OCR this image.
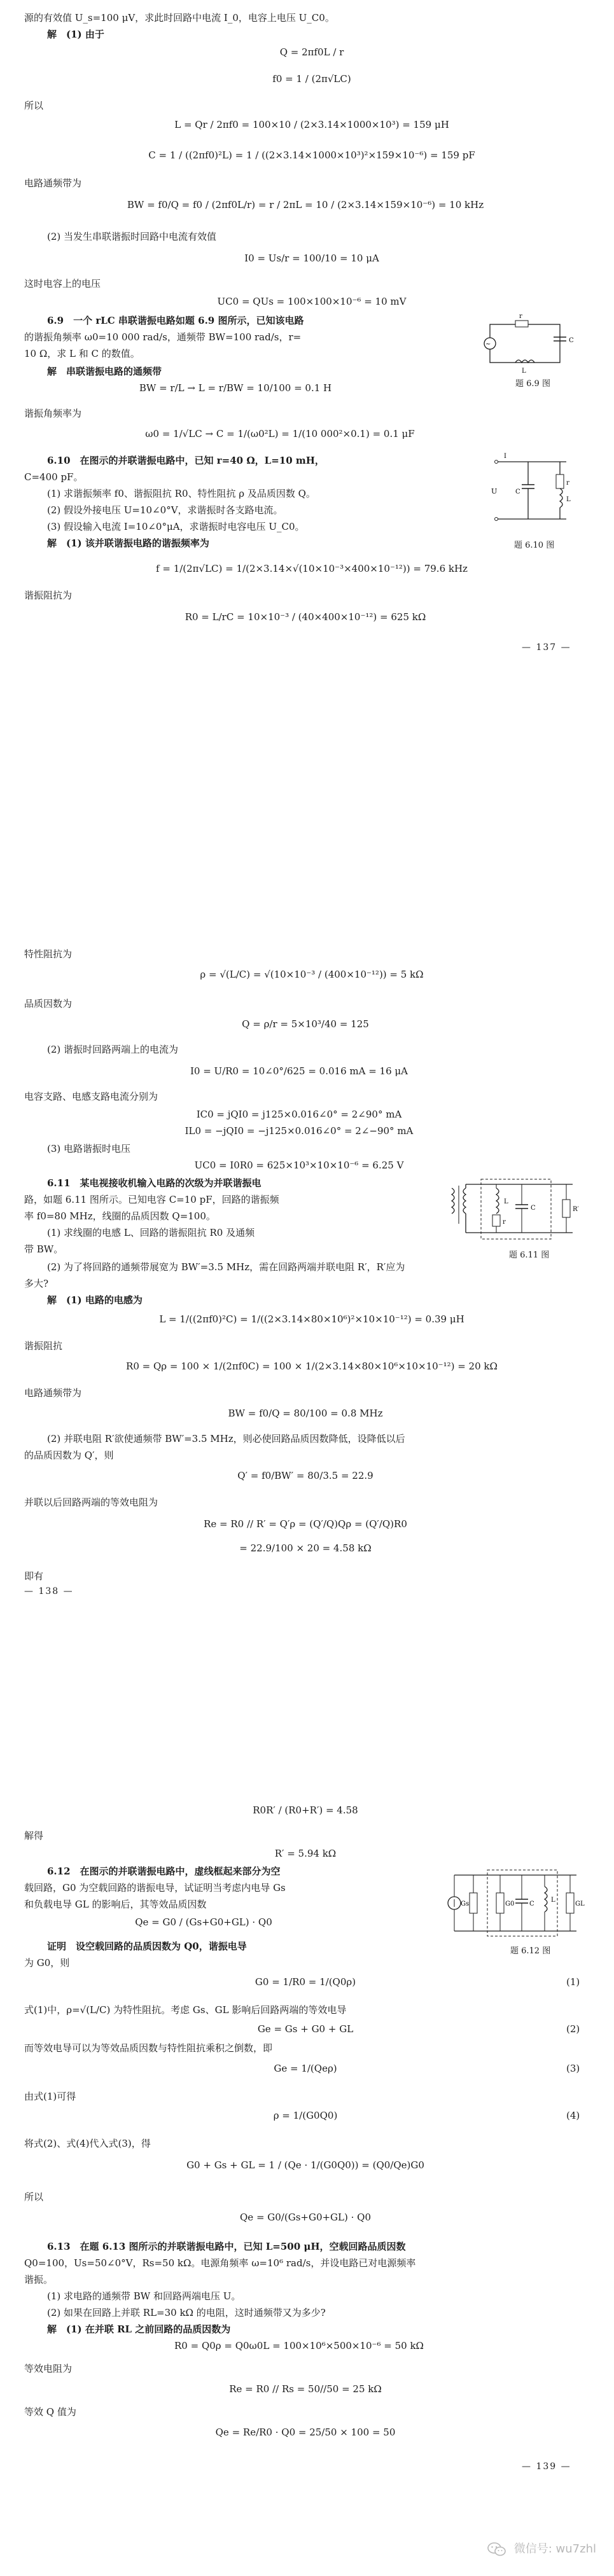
源的有效值 U_s=100 μV，求此时回路中电流 I_0，电容上电压 U_C0。
解　(1) 由于
Q = 2πf0L / r
f0 = 1 / (2π√LC)
所以
L = Qr / 2πf0 = 100×10 / (2×3.14×1000×10³) = 159 μH
C = 1 / ((2πf0)²L) = 1 / ((2×3.14×1000×10³)²×159×10⁻⁶) = 159 pF
电路通频带为
BW = f0/Q = f0 / (2πf0L/r) = r / 2πL = 10 / (2×3.14×159×10⁻⁶) = 10 kHz
(2) 当发生串联谐振时回路中电流有效值
I0 = Us/r = 100/10 = 10 μA
这时电容上的电压
UC0 = QUs = 100×100×10⁻⁶ = 10 mV
6.9　一个 rLC 串联谐振电路如题 6.9 图所示，已知该电路
的谐振角频率 ω0=10 000 rad/s，通频带 BW=100 rad/s，r=
10 Ω，求 L 和 C 的数值。
~
r
C
L
题 6.9 图
解　串联谐振电路的通频带
BW = r/L → L = r/BW = 10/100 = 0.1 H
谐振角频率为
ω0 = 1/√LC → C = 1/(ω0²L) = 1/(10 000²×0.1) = 0.1 μF
6.10　在图示的并联谐振电路中，已知 r=40 Ω，L=10 mH，
C=400 pF。
(1) 求谐振频率 f0、谐振阻抗 R0、特性阻抗 ρ 及品质因数 Q。
(2) 假设外接电压 U=10∠0°V，求谐振时各支路电流。
(3) 假设输入电流 I=10∠0°μA，求谐振时电容电压 U_C0。
解　(1) 该并联谐振电路的谐振频率为
U	C
r
L
I
题 6.10 图
f = 1/(2π√LC) = 1/(2×3.14×√(10×10⁻³×400×10⁻¹²)) = 79.6 kHz
谐振阻抗为
R0 = L/rC = 10×10⁻³ / (40×400×10⁻¹²) = 625 kΩ
— 137 —
特性阻抗为
ρ = √(L/C) = √(10×10⁻³ / (400×10⁻¹²)) = 5 kΩ
品质因数为
Q = ρ/r = 5×10³/40 = 125
(2) 谐振时回路两端上的电流为
I0 = U/R0 = 10∠0°/625 = 0.016 mA = 16 μA
电容支路、电感支路电流分别为
IC0 = jQI0 = j125×0.016∠0° = 2∠90° mA
IL0 = −jQI0 = −j125×0.016∠0° = 2∠−90° mA
(3) 电路谐振时电压
UC0 = I0R0 = 625×10³×10×10⁻⁶ = 6.25 V
6.11　某电视接收机输入电路的次级为并联谐振电
路，如题 6.11 图所示。已知电容 C=10 pF，回路的谐振频
率 f0=80 MHz，线圈的品质因数 Q=100。
(1) 求线圈的电感 L、回路的谐振阻抗 R0 及通频
带 BW。
L
r
C	R′
题 6.11 图
(2) 为了将回路的通频带展宽为 BW′=3.5 MHz，需在回路两端并联电阻 R′，R′应为
多大?
解　(1) 电路的电感为
L = 1/((2πf0)²C) = 1/((2×3.14×80×10⁶)²×10×10⁻¹²) = 0.39 μH
谐振阻抗
R0 = Qρ = 100 × 1/(2πf0C) = 100 × 1/(2×3.14×80×10⁶×10×10⁻¹²) = 20 kΩ
电路通频带为
BW = f0/Q = 80/100 = 0.8 MHz
(2) 并联电阻 R′欲使通频带 BW′=3.5 MHz，则必使回路品质因数降低，设降低以后
的品质因数为 Q′，则
Q′ = f0/BW′ = 80/3.5 = 22.9
并联以后回路两端的等效电阻为
Re = R0 // R′ = Q′ρ = (Q′/Q)Qρ = (Q′/Q)R0
= 22.9/100 × 20 = 4.58 kΩ
即有
— 138 —
R0R′ / (R0+R′) = 4.58
解得
R′ = 5.94 kΩ
6.12　在图示的并联谐振电路中，虚线框起来部分为空
载回路，G0 为空载回路的谐振电导，试证明当考虑内电导 Gs
和负载电导 GL 的影响后，其等效品质因数
Qe = G0 / (Gs+G0+GL) · Q0
证明　设空载回路的品质因数为 Q0，谐振电导
为 G0，则
Gs	G0 C
L
GL
题 6.12 图
G0 = 1/R0 = 1/(Q0ρ)	(1)
式(1)中，ρ=√(L/C) 为特性阻抗。考虑 Gs、GL 影响后回路两端的等效电导
Ge = Gs + G0 + GL	(2)
而等效电导可以为等效品质因数与特性阻抗乘积之倒数，即
Ge = 1/(Qeρ)	(3)
由式(1)可得
ρ = 1/(G0Q0)	(4)
将式(2)、式(4)代入式(3)，得
G0 + Gs + GL = 1 / (Qe · 1/(G0Q0)) = (Q0/Qe)G0
所以
Qe = G0/(Gs+G0+GL) · Q0
6.13　在题 6.13 图所示的并联谐振电路中，已知 L=500 μH，空载回路品质因数
Q0=100，Us=50∠0°V，Rs=50 kΩ。电源角频率 ω=10⁶ rad/s，并设电路已对电源频率
谐振。
(1) 求电路的通频带 BW 和回路两端电压 U。
(2) 如果在回路上并联 RL=30 kΩ 的电阻，这时通频带又为多少?
解　(1) 在并联 RL 之前回路的品质因数为
R0 = Q0ρ = Q0ω0L = 100×10⁶×500×10⁻⁶ = 50 kΩ
等效电阻为
Re = R0 // Rs = 50//50 = 25 kΩ
等效 Q 值为
Qe = Re/R0 · Q0 = 25/50 × 100 = 50
— 139 —
微信号: wu7zhl
